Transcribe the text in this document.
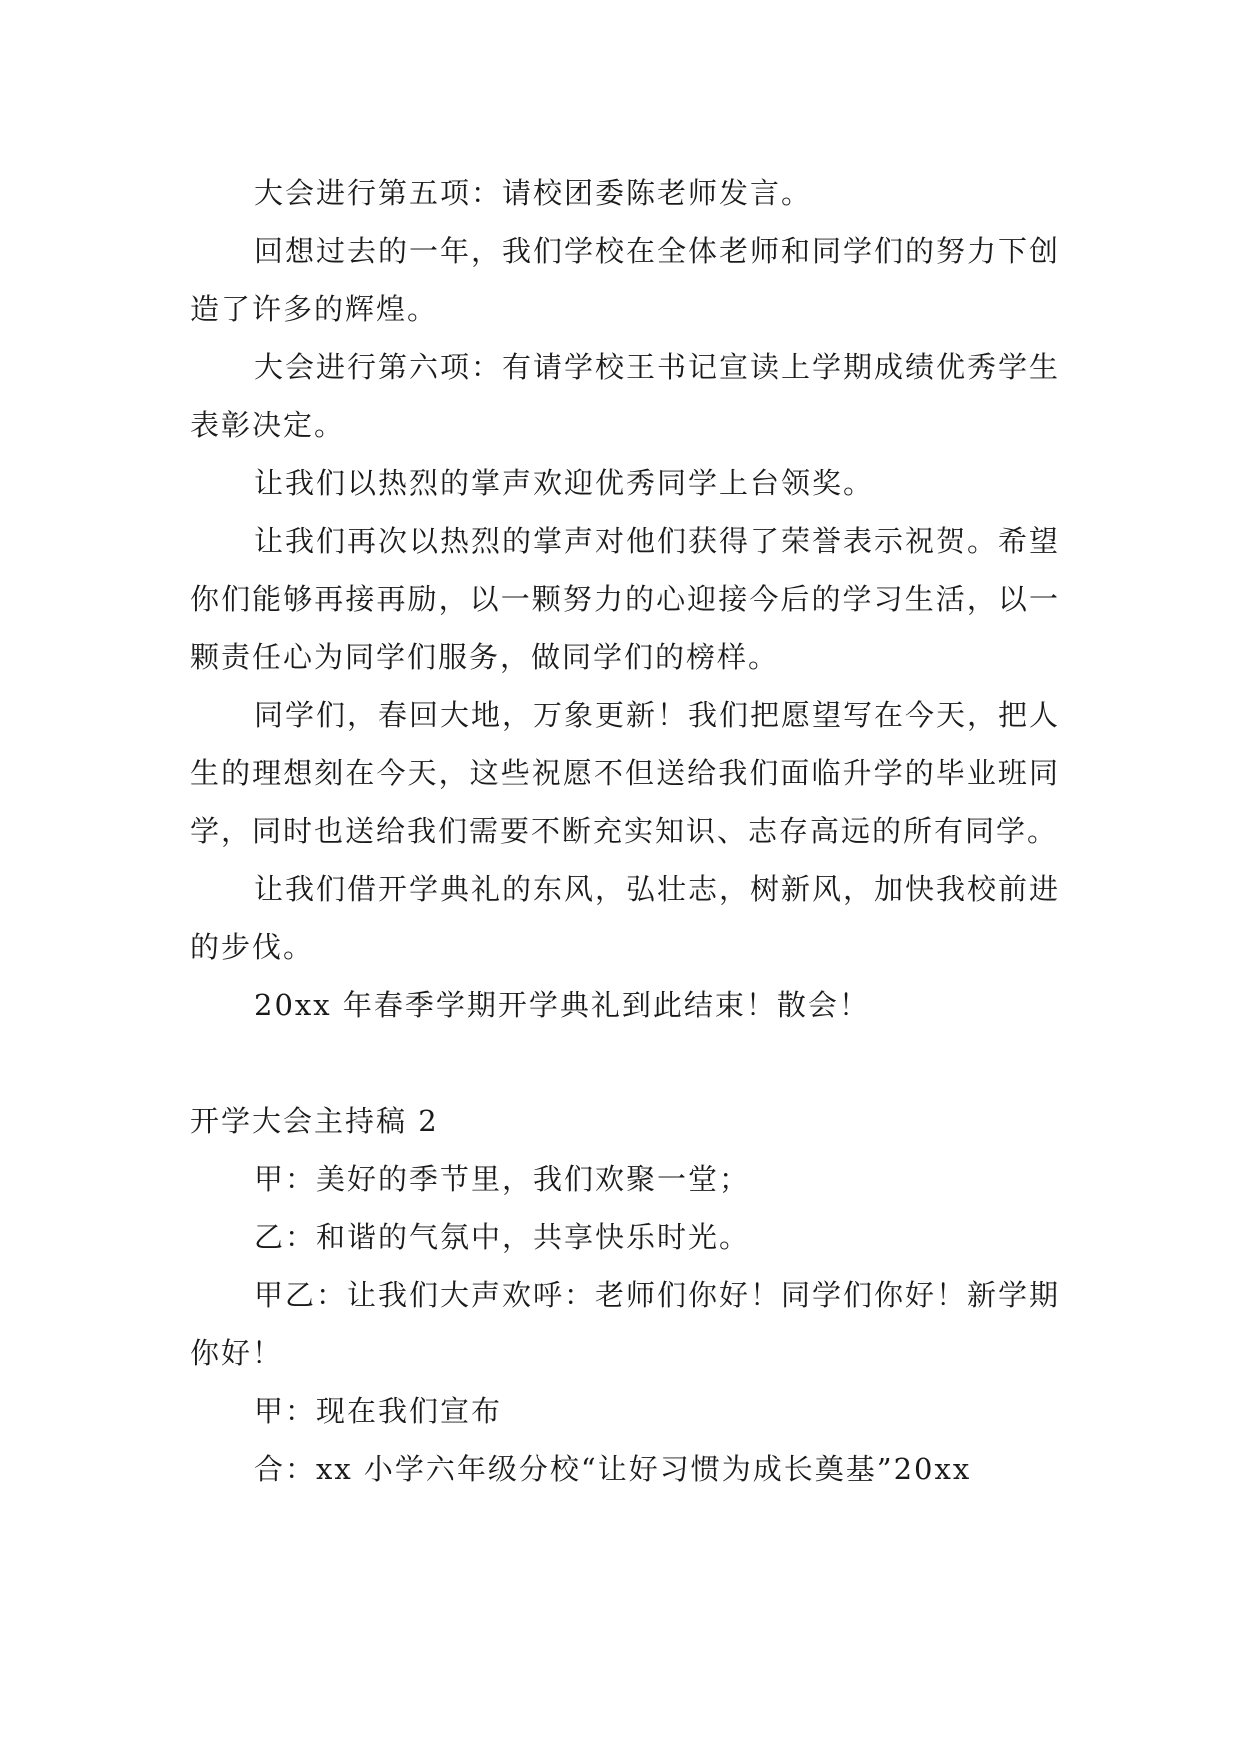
大会进行第五项：请校团委陈老师发言。

回想过去的一年，我们学校在全体老师和同学们的努力下创造了许多的辉煌。

大会进行第六项：有请学校王书记宣读上学期成绩优秀学生表彰决定。

让我们以热烈的掌声欢迎优秀同学上台领奖。

让我们再次以热烈的掌声对他们获得了荣誉表示祝贺。希望你们能够再接再励，以一颗努力的心迎接今后的学习生活，以一颗责任心为同学们服务，做同学们的榜样。

同学们，春回大地，万象更新！我们把愿望写在今天，把人生的理想刻在今天，这些祝愿不但送给我们面临升学的毕业班同学，同时也送给我们需要不断充实知识、志存高远的所有同学。

让我们借开学典礼的东风，弘壮志，树新风，加快我校前进的步伐。

20xx 年春季学期开学典礼到此结束！散会！

开学大会主持稿 2

甲：美好的季节里，我们欢聚一堂；

乙：和谐的气氛中，共享快乐时光。

甲乙：让我们大声欢呼：老师们你好！同学们你好！新学期你好！

甲：现在我们宣布

合：xx 小学六年级分校“让好习惯为成长奠基”20xx
